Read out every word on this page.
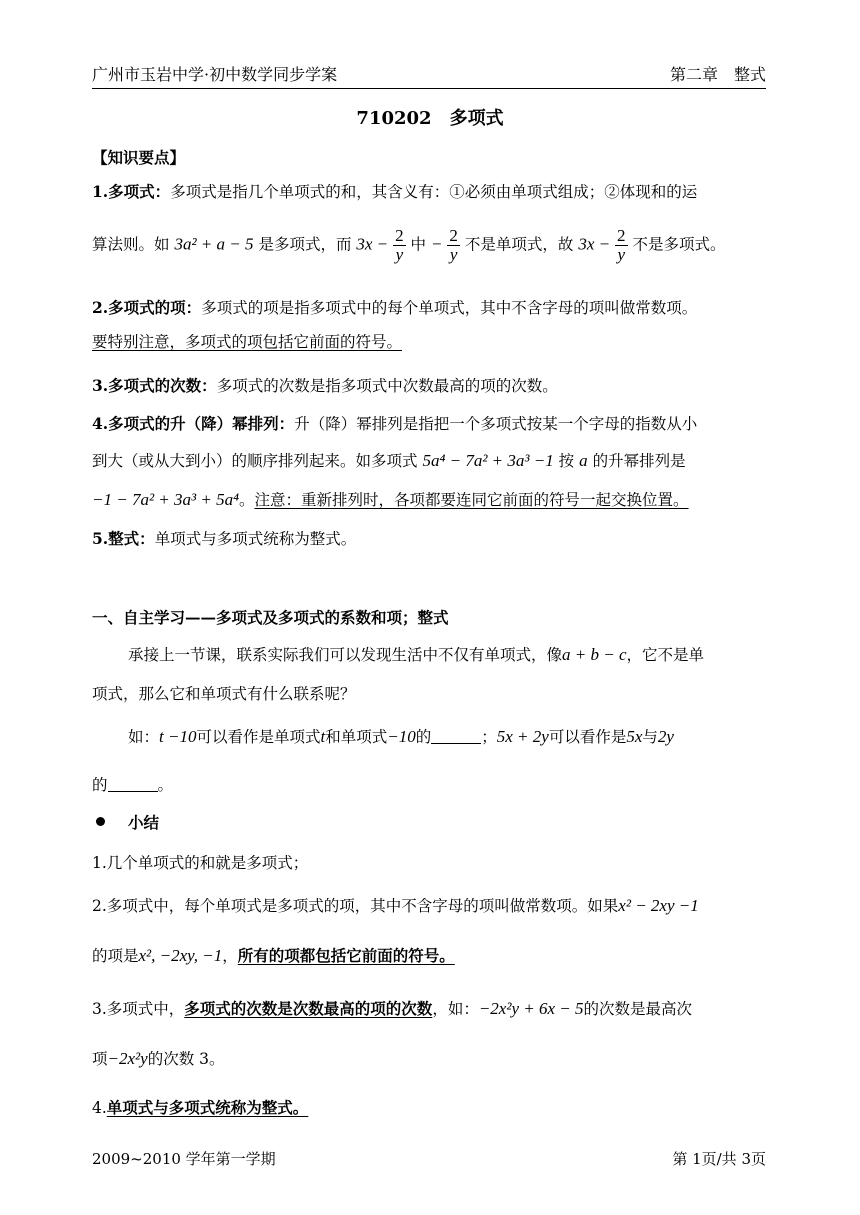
广州市玉岩中学·初中数学同步学案	第二章　整式
710202　多项式
【知识要点】
1.多项式：多项式是指几个单项式的和，其含义有：①必须由单项式组成；②体现和的运
算法则。如 3a² + a − 5 是多项式，而 $3x - \frac{2}{y}$ 中 − $\frac{2}{y}$ 不是单项式，故 $3x - \frac{2}{y}$ 不是多项式。
2.多项式的项：多项式的项是指多项式中的每个单项式，其中不含字母的项叫做常数项。
要特别注意，多项式的项包括它前面的符号。
3.多项式的次数：多项式的次数是指多项式中次数最高的项的次数。
4.多项式的升（降）幂排列：升（降）幂排列是指把一个多项式按某一个字母的指数从小
到大（或从大到小）的顺序排列起来。如多项式 5a⁴ − 7a² + 3a³ −1 按 a 的升幂排列是
−1 − 7a² + 3a³ + 5a⁴。注意：重新排列时，各项都要连同它前面的符号一起交换位置。
5.整式：单项式与多项式统称为整式。
一、自主学习——多项式及多项式的系数和项；整式
承接上一节课，联系实际我们可以发现生活中不仅有单项式，像a + b − c，它不是单
项式，那么它和单项式有什么联系呢？
如：t −10可以看作是单项式t和单项式−10的	；5x + 2y可以看作是5x与2y
的	。
小结
1.几个单项式的和就是多项式；
2.多项式中，每个单项式是多项式的项，其中不含字母的项叫做常数项。如果x² − 2xy −1
的项是x², −2xy, −1，所有的项都包括它前面的符号。
3.多项式中，多项式的次数是次数最高的项的次数，如：−2x²y + 6x − 5的次数是最高次
项−2x²y的次数 3。
4.单项式与多项式统称为整式。
2009~2010 学年第一学期	第 1页/共 3页
